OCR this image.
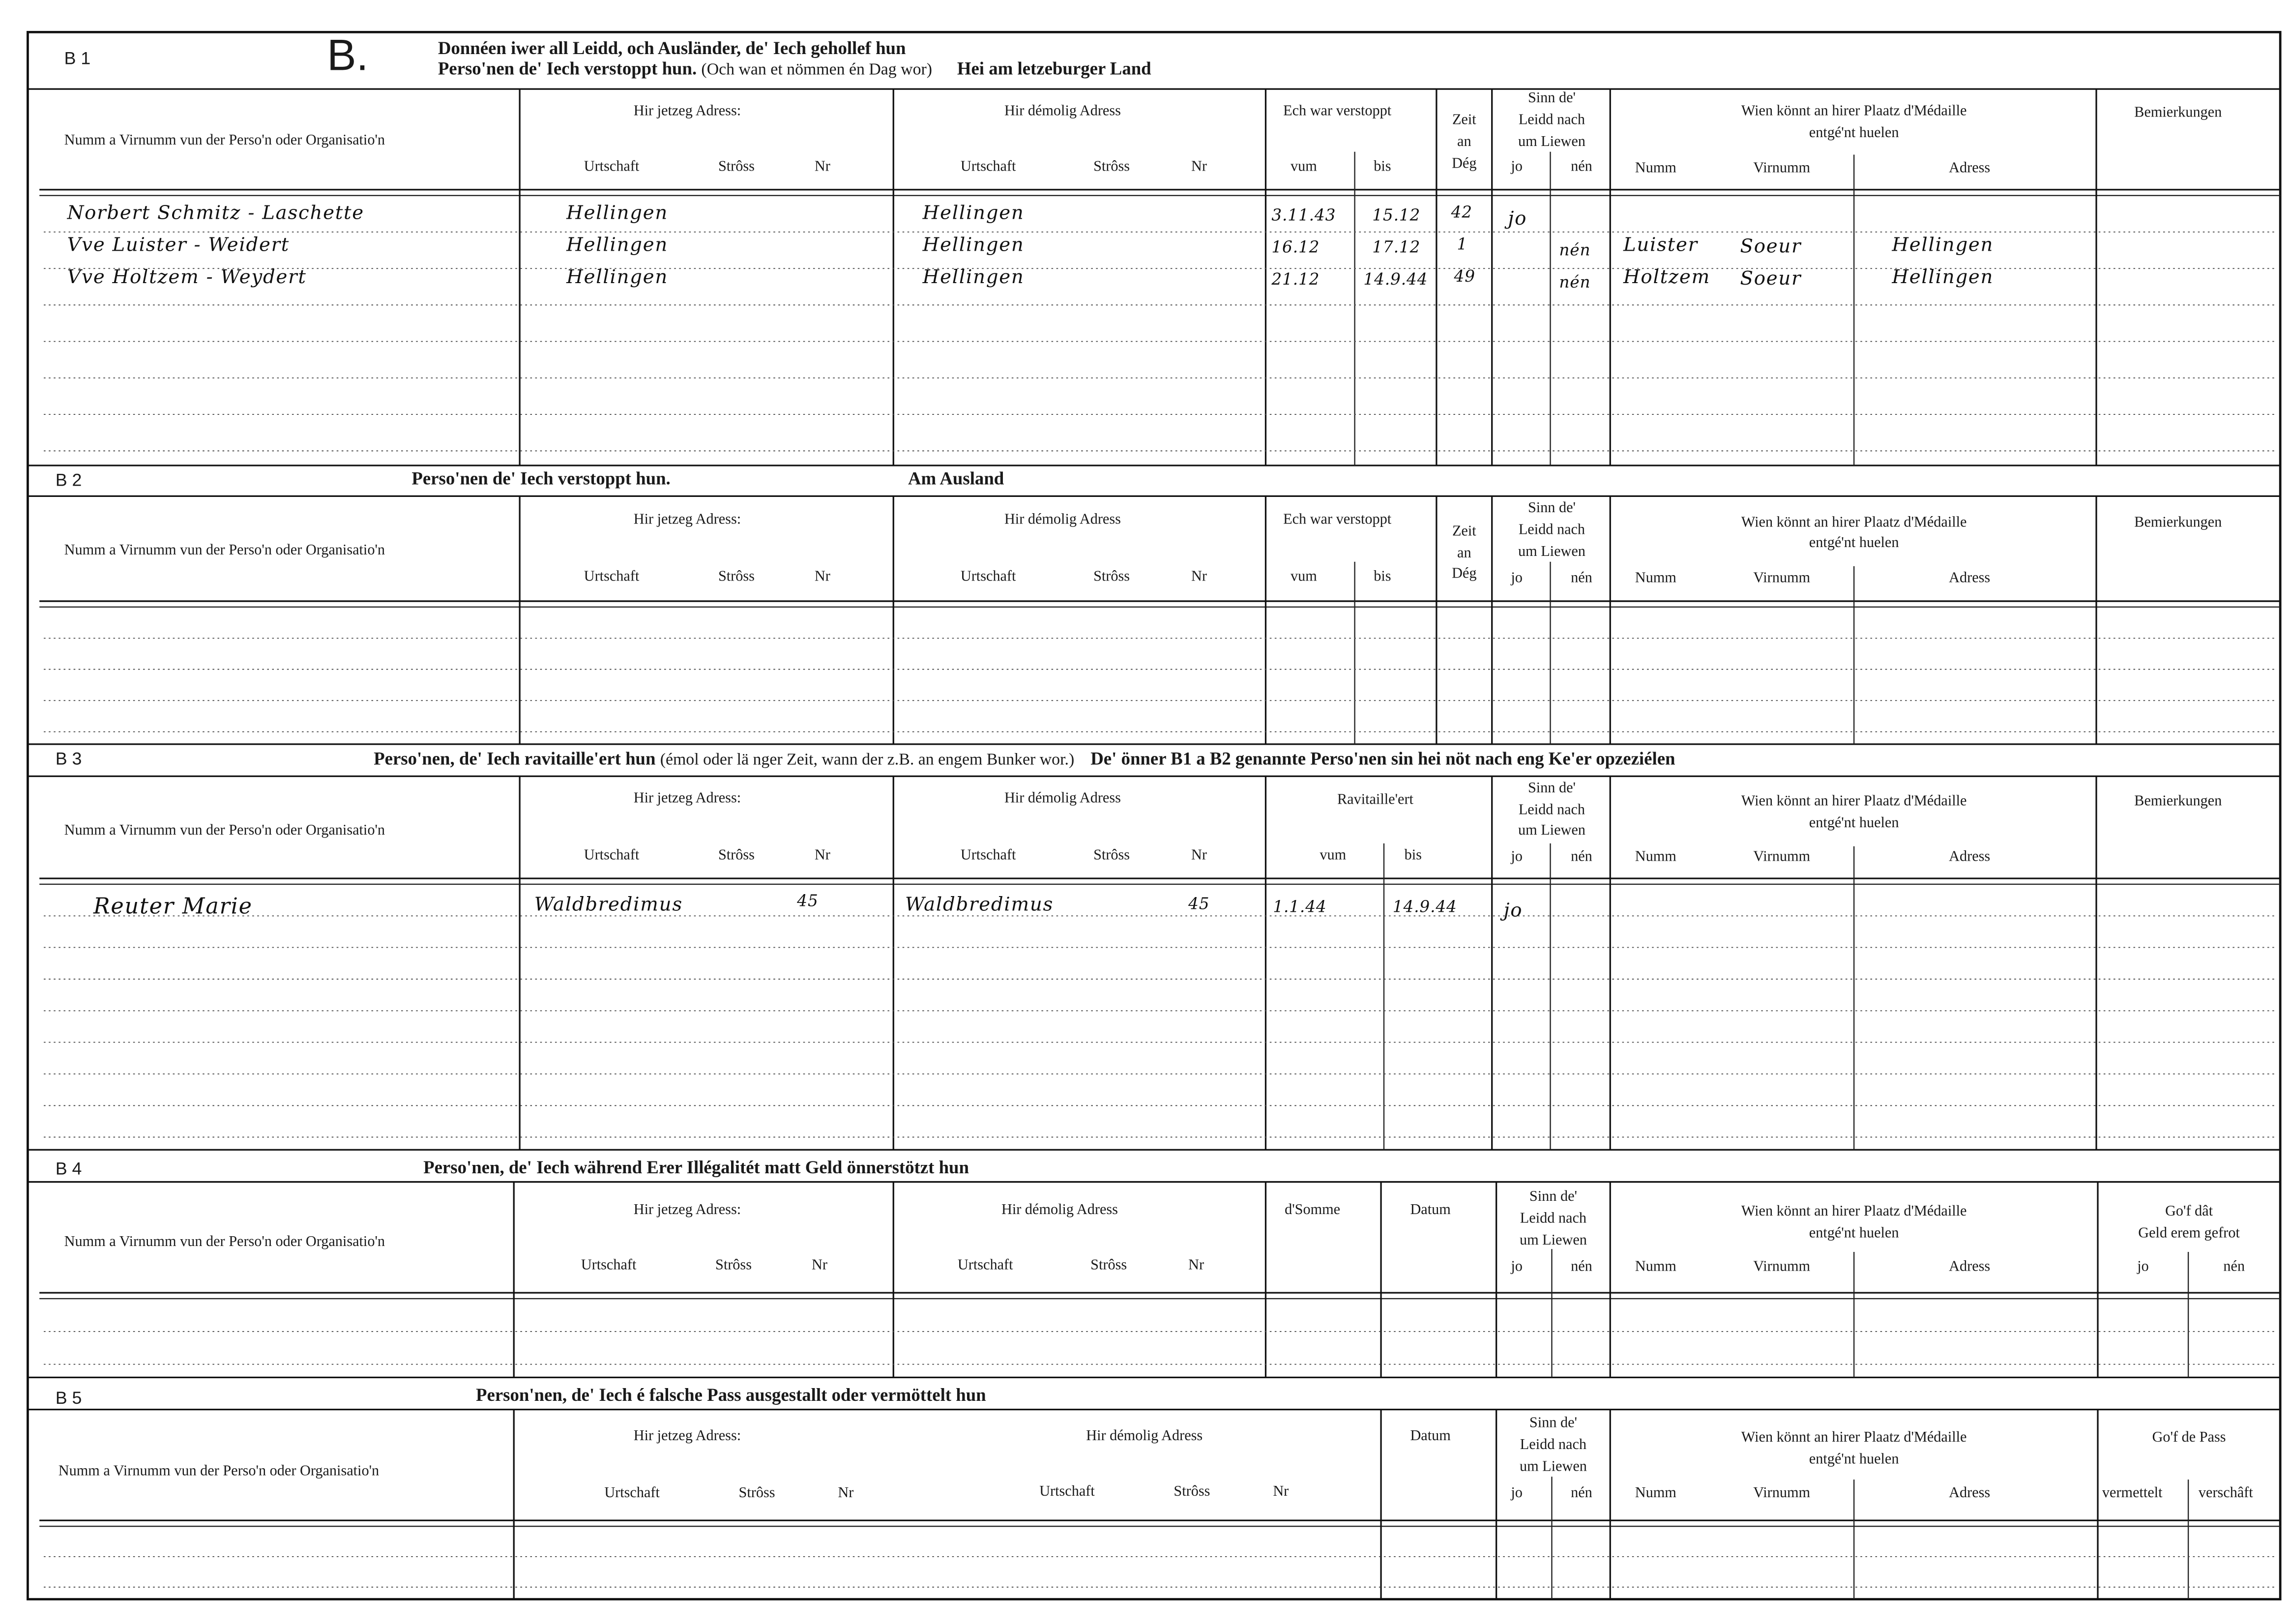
B 1	B.	Donnéen iwer all Leidd, och Ausländer, de' Iech gehollef hun
Perso'nen de' Iech verstoppt hun. (Och wan et nömmen én Dag wor)	Hei am letzeburger Land
Numm a Virnumm vun der Perso'n oder Organisatio'n
Hir jetzeg Adress:
Urtschaft	Strôss	Nr
Hir démolig Adress
Urtschaft	Strôss	Nr
Ech war verstoppt
vum	bis
Zeit
an
Dég
Sinn de'
Leidd nach
um Liewen
jo	nén
Wien könnt an hirer Plaatz d'Médaille
entgé'nt huelen
Numm	Virnumm	Adress
Bemierkungen
Norbert Schmitz - Laschette	Hellingen	Hellingen	3.11.43	15.12	42	jo
Vve Luister - Weidert	Hellingen	Hellingen	16.12	17.12	1	nén	Luister	Soeur	Hellingen
Vve Holtzem - Weydert	Hellingen	Hellingen	21.12	14.9.44	49	nén	Holtzem	Soeur	Hellingen
B 2	Perso'nen de' Iech verstoppt hun.	Am Ausland
Numm a Virnumm vun der Perso'n oder Organisatio'n
Hir jetzeg Adress:
Urtschaft	Strôss	Nr
Hir démolig Adress
Urtschaft	Strôss	Nr
Ech war verstoppt
vum	bis
Zeit
an
Dég
Sinn de'
Leidd nach
um Liewen
jo	nén
Wien könnt an hirer Plaatz d'Médaille
entgé'nt huelen
Numm	Virnumm	Adress
Bemierkungen
B 3	Perso'nen, de' Iech ravitaille'ert hun (émol oder lä nger Zeit, wann der z.B. an engem Bunker wor.)	De' önner B1 a B2 genannte Perso'nen sin hei nöt nach eng Ke'er opzeziélen
Numm a Virnumm vun der Perso'n oder Organisatio'n
Hir jetzeg Adress:
Urtschaft	Strôss	Nr
Hir démolig Adress
Urtschaft	Strôss	Nr
Ravitaille'ert
vum	bis
Sinn de'
Leidd nach
um Liewen
jo	nén
Wien könnt an hirer Plaatz d'Médaille
entgé'nt huelen
Numm	Virnumm	Adress
Bemierkungen
Reuter Marie	Waldbredimus	45	Waldbredimus	45	1.1.44	14.9.44	jo
B 4	Perso'nen, de' Iech während Erer Illégalitét matt Geld önnerstötzt hun
Numm a Virnumm vun der Perso'n oder Organisatio'n
Hir jetzeg Adress:
Urtschaft	Strôss	Nr
Hir démolig Adress
Urtschaft	Strôss	Nr
d'Somme	Datum
Sinn de'
Leidd nach
um Liewen
jo	nén
Wien könnt an hirer Plaatz d'Médaille
entgé'nt huelen
Numm	Virnumm	Adress
Go'f dât
Geld erem gefrot
jo	nén
B 5	Person'nen, de' Iech é falsche Pass ausgestallt oder vermöttelt hun
Numm a Virnumm vun der Perso'n oder Organisatio'n
Hir jetzeg Adress:
Urtschaft	Strôss	Nr
Hir démolig Adress
Urtschaft	Strôss	Nr
Datum
Sinn de'
Leidd nach
um Liewen
jo	nén
Wien könnt an hirer Plaatz d'Médaille
entgé'nt huelen
Numm	Virnumm	Adress
Go'f de Pass
vermettelt	verschâft
